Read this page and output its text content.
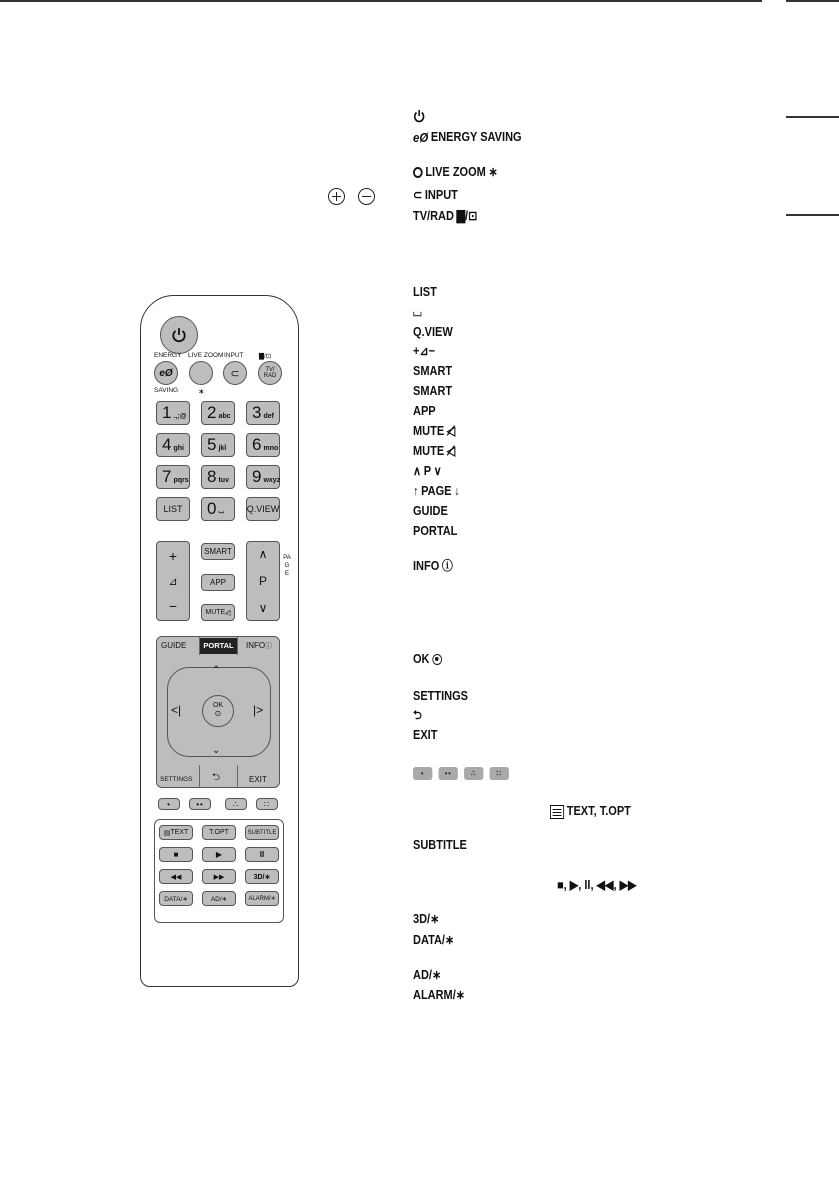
eØ ENERGY SAVING
LIVE ZOOM ∗
⊂ INPUT
TV/RAD ▇/⊡
LIST
⌴
Q.VIEW
+⊿−
SMART
SMART
APP
MUTE ◁̸
MUTE ◁̸
∧ P ∨
↑ PAGE ↓
GUIDE
PORTAL
INFO ⓘ
OK
SETTINGS
⮌
EXIT
•	••	∴	∷
TEXT, T.OPT
SUBTITLE
■, ▶, II, ◀◀, ▶▶
3D/∗
DATA/∗
AD/∗
ALARM/∗
ENERGY LIVE ZOOM INPUT ▇/⊡
eØ	⊂	TV/ RAD
SAVING ∗
1 .,;@ 2 abc 3 def
4 ghi 5 jkl 6 mno
7 pqrs 8 tuv 9 wxyz
LIST	0 ⌴	Q.VIEW
+
⊿
−
SMART
APP
MUTE ◁̸
∧
P
∨
PAGE
GUIDE	PORTAL	INFOⓘ
⌃
⌄
<|	|>
OK
⊙
SETTINGS ⮌	EXIT
•	••	∴	∷
▤ TEXT	T.OPT	SUBTITLE
■	▶	II
◀◀	▶▶	3D/∗
DATA/∗	AD/∗	ALARM/∗
